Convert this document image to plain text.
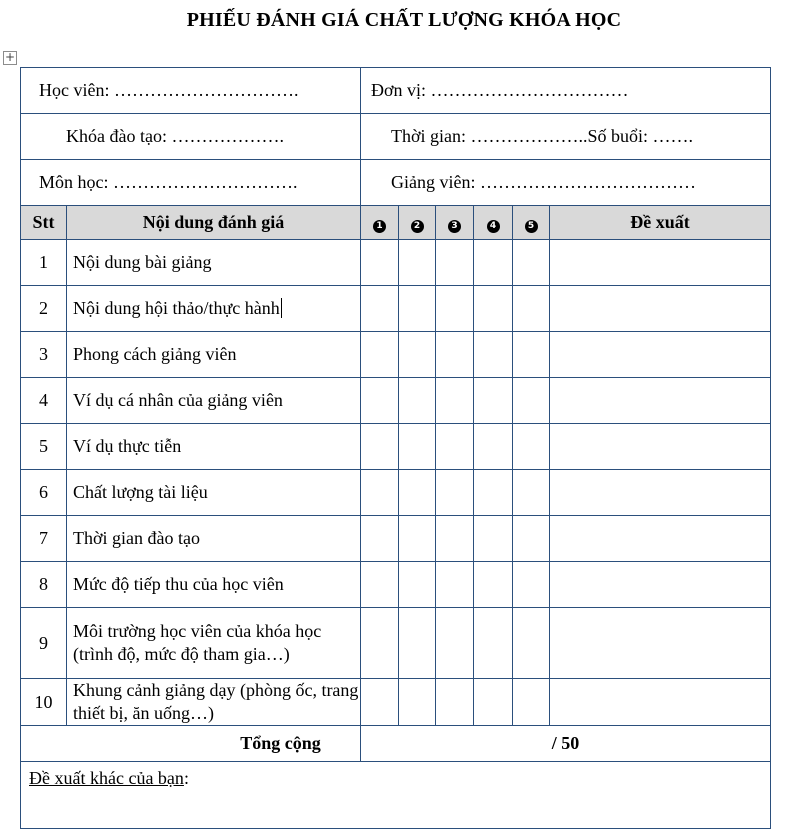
PHIẾU ĐÁNH GIÁ CHẤT LƯỢNG KHÓA HỌC
+
Học viên: ………………………….		Đơn vị: ……………………………					
Khóa đào tạo: ……………….		Thời gian: ………………..Số buổi: …….					
Môn học: ………………………….		Giảng viên: ………………………………					
Stt	Nội dung đánh giá	1	2	3	4	5	Đề xuất
1	Nội dung bài giảng						
2	Nội dung hội thảo/thực hành						
3	Phong cách giảng viên						
4	Ví dụ cá nhân của giảng viên						
5	Ví dụ thực tiễn						
6	Chất lượng tài liệu						
7	Thời gian đào tạo						
8	Mức độ tiếp thu của học viên						
9	Môi trường học viên của khóa học (trình độ, mức độ tham gia…)						
10	Khung cảnh giảng dạy (phòng ốc, trang thiết bị, ăn uống…)						
Tổng cộng		/ 50					
Đề xuất khác của bạn:							
